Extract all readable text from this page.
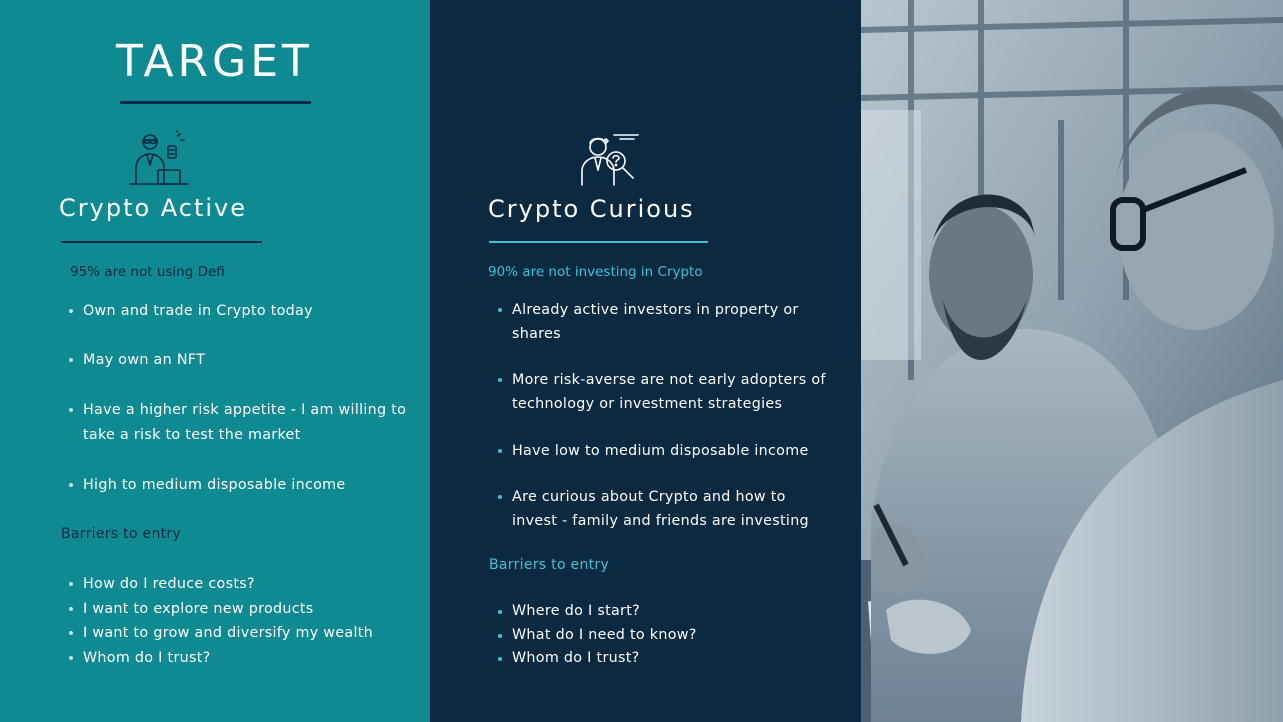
TARGET
Crypto Active
95% are not using Defi
Own and trade in Crypto today
May own an NFT
Have a higher risk appetite - I am willing to take a risk to test the market
High to medium disposable income
Barriers to entry
How do I reduce costs?
I want to explore new products
I want to grow and diversify my wealth
Whom do I trust?
Crypto Curious
90% are not investing in Crypto
Already active investors in property or shares
More risk-averse are not early adopters of technology or investment strategies
Have low to medium disposable income
Are curious about Crypto and how to invest - family and friends are investing
Barriers to entry
Where do I start?
What do I need to know?
Whom do I trust?
